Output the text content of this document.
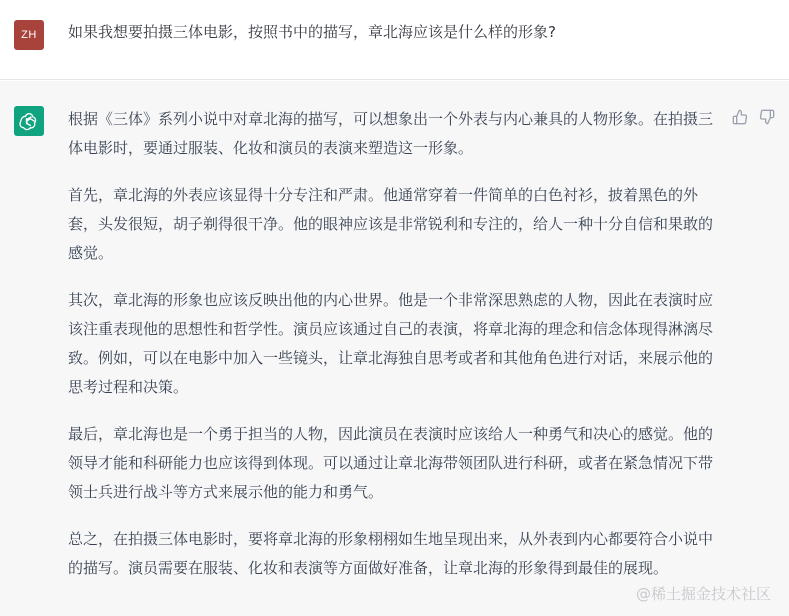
ZH	如果我想要拍摄三体电影，按照书中的描写，章北海应该是什么样的形象?

根据《三体》系列小说中对章北海的描写，可以想象出一个外表与内心兼具的人物形象。在拍摄三体电影时，要通过服装、化妆和演员的表演来塑造这一形象。

首先，章北海的外表应该显得十分专注和严肃。他通常穿着一件简单的白色衬衫，披着黑色的外套，头发很短，胡子剃得很干净。他的眼神应该是非常锐利和专注的，给人一种十分自信和果敢的感觉。

其次，章北海的形象也应该反映出他的内心世界。他是一个非常深思熟虑的人物，因此在表演时应该注重表现他的思想性和哲学性。演员应该通过自己的表演，将章北海的理念和信念体现得淋漓尽致。例如，可以在电影中加入一些镜头，让章北海独自思考或者和其他角色进行对话，来展示他的思考过程和决策。

最后，章北海也是一个勇于担当的人物，因此演员在表演时应该给人一种勇气和决心的感觉。他的领导才能和科研能力也应该得到体现。可以通过让章北海带领团队进行科研，或者在紧急情况下带领士兵进行战斗等方式来展示他的能力和勇气。

总之，在拍摄三体电影时，要将章北海的形象栩栩如生地呈现出来，从外表到内心都要符合小说中的描写。演员需要在服装、化妆和表演等方面做好准备，让章北海的形象得到最佳的展现。

@稀土掘金技术社区
